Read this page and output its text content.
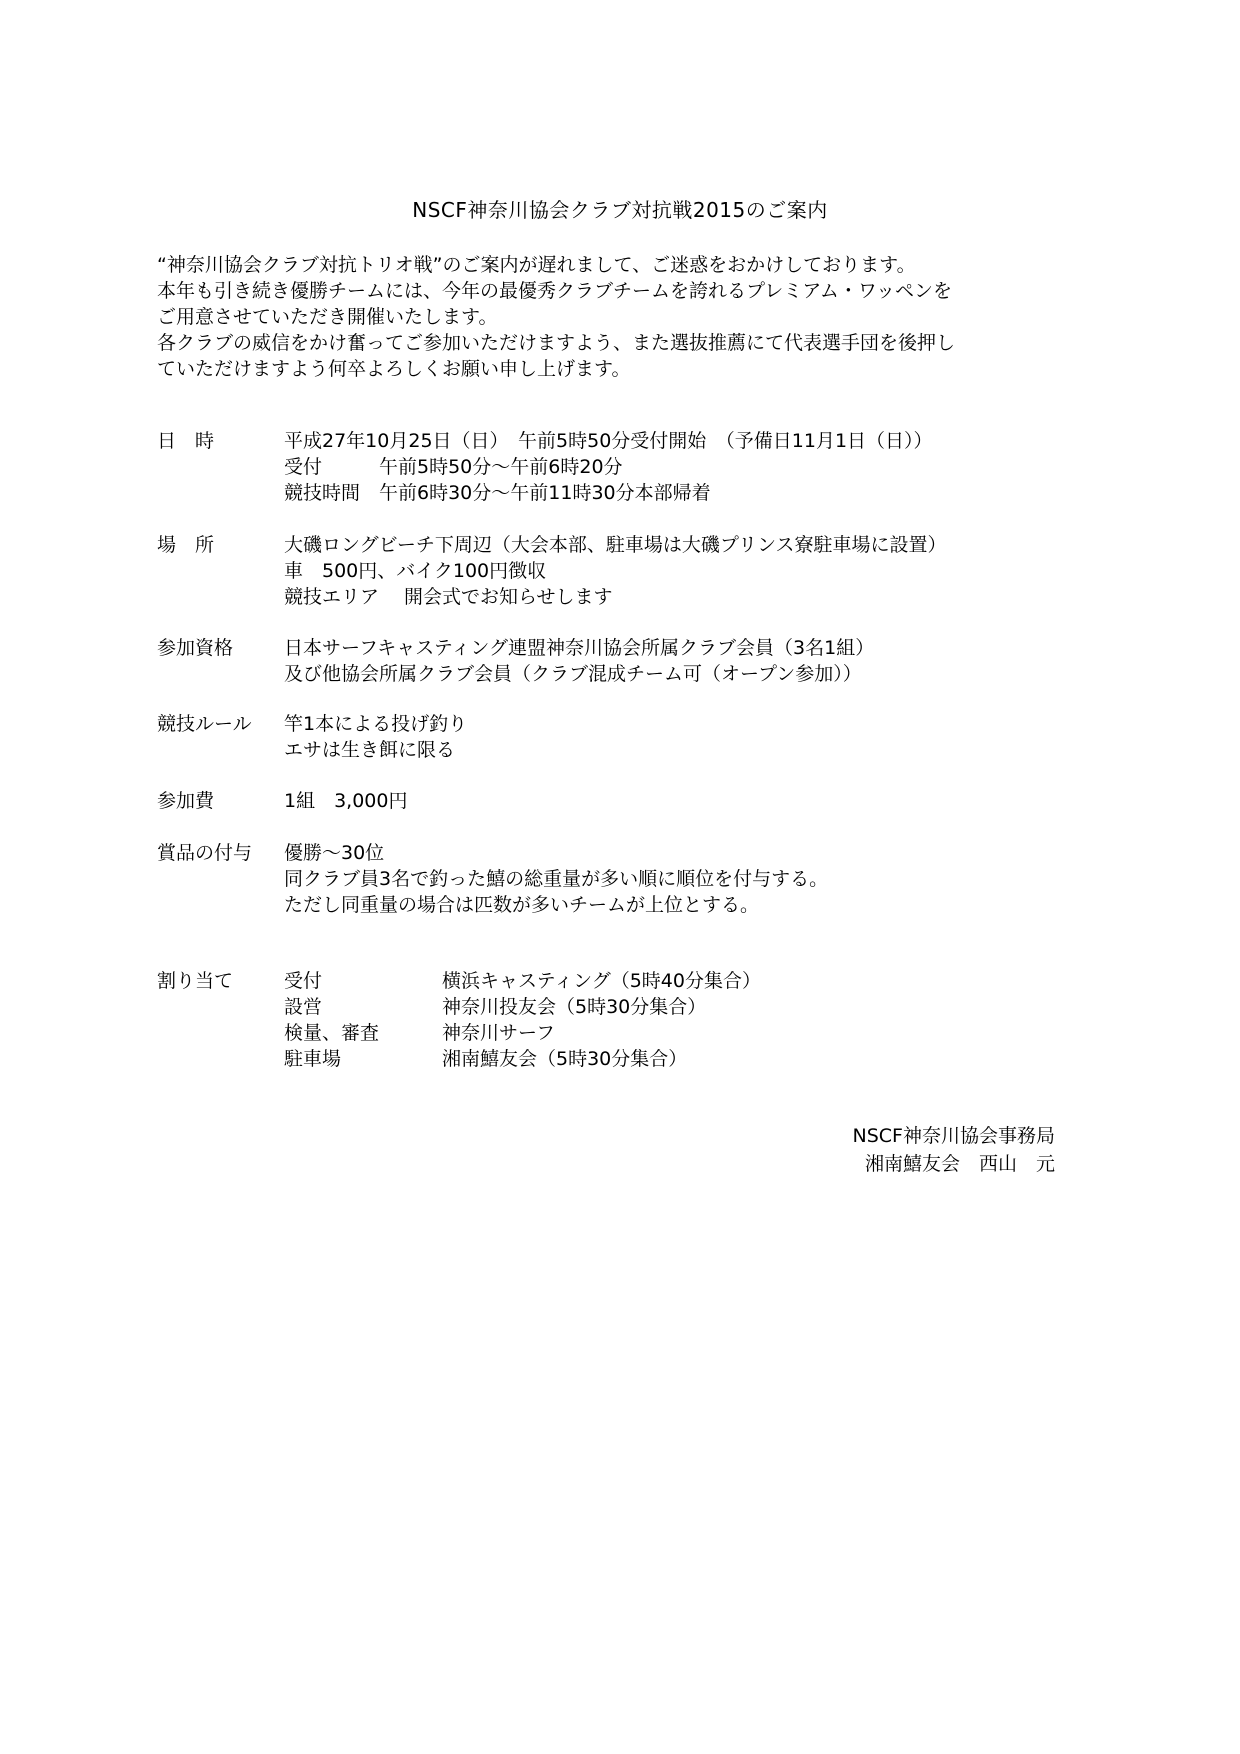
NSCF神奈川協会クラブ対抗戦2015のご案内
“神奈川協会クラブ対抗トリオ戦”のご案内が遅れまして、ご迷惑をおかけしております。
本年も引き続き優勝チームには、今年の最優秀クラブチームを誇れるプレミアム・ワッペンを
ご用意させていただき開催いたします。
各クラブの威信をかけ奮ってご参加いただけますよう、また選抜推薦にて代表選手団を後押し
ていただけますよう何卒よろしくお願い申し上げます。
日　時	平成27年10月25日（日）　午前5時50分受付開始　（予備日11月1日（日））
受付　　　午前5時50分～午前6時20分
競技時間　午前6時30分～午前11時30分本部帰着
場　所	大磯ロングビーチ下周辺（大会本部、駐車場は大磯プリンス寮駐車場に設置）
車　500円、バイク100円徴収
競技エリア　 開会式でお知らせします
参加資格	日本サーフキャスティング連盟神奈川協会所属クラブ会員（3名1組）
及び他協会所属クラブ会員（クラブ混成チーム可（オープン参加））
競技ルール 竿1本による投げ釣り
エサは生き餌に限る
参加費	1組　3,000円
賞品の付与 優勝～30位
同クラブ員3名で釣った鱚の総重量が多い順に順位を付与する。
ただし同重量の場合は匹数が多いチームが上位とする。
割り当て	受付	横浜キャスティング（5時40分集合）
設営	神奈川投友会（5時30分集合）
検量、審査	神奈川サーフ
駐車場	湘南鱚友会（5時30分集合）
NSCF神奈川協会事務局
湘南鱚友会　西山　元
